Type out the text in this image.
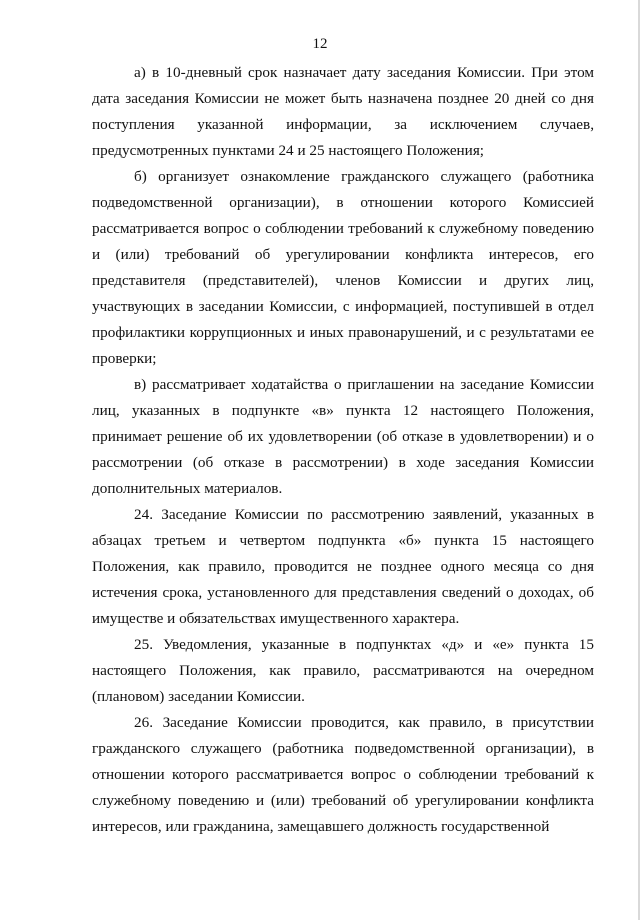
12

а) в 10-дневный срок назначает дату заседания Комиссии. При этом дата заседания Комиссии не может быть назначена позднее 20 дней со дня поступления указанной информации, за исключением случаев, предусмотренных пунктами 24 и 25 настоящего Положения;

б) организует ознакомление гражданского служащего (работника подведомственной организации), в отношении которого Комиссией рассматривается вопрос о соблюдении требований к служебному поведению и (или) требований об урегулировании конфликта интересов, его представителя (представителей), членов Комиссии и других лиц, участвующих в заседании Комиссии, с информацией, поступившей в отдел профилактики коррупционных и иных правонарушений, и с результатами ее проверки;

в) рассматривает ходатайства о приглашении на заседание Комиссии лиц, указанных в подпункте «в» пункта 12 настоящего Положения, принимает решение об их удовлетворении (об отказе в удовлетворении) и о рассмотрении (об отказе в рассмотрении) в ходе заседания Комиссии дополнительных материалов.

24. Заседание Комиссии по рассмотрению заявлений, указанных в абзацах третьем и четвертом подпункта «б» пункта 15 настоящего Положения, как правило, проводится не позднее одного месяца со дня истечения срока, установленного для представления сведений о доходах, об имуществе и обязательствах имущественного характера.

25. Уведомления, указанные в подпунктах «д» и «е» пункта 15 настоящего Положения, как правило, рассматриваются на очередном (плановом) заседании Комиссии.

26. Заседание Комиссии проводится, как правило, в присутствии гражданского служащего (работника подведомственной организации), в отношении которого рассматривается вопрос о соблюдении требований к служебному поведению и (или) требований об урегулировании конфликта интересов, или гражданина, замещавшего должность государственной
